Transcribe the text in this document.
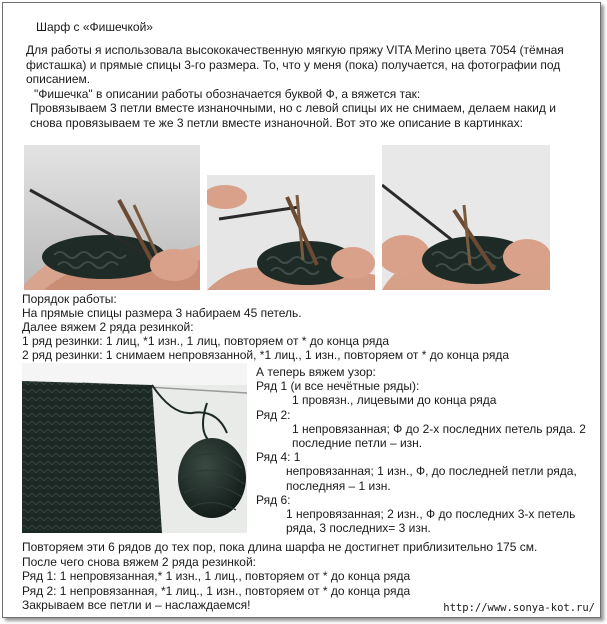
Шарф с «Фишечкой»

Для работы я использовала высококачественную мягкую пряжу VITA Merino цвета 7054 (тёмная фисташка) и прямые спицы 3-го размера. То, что у меня (пока) получается, на фотографии под описанием.

"Фишечка" в описании работы обозначается буквой Ф, а вяжется так:

Провязываем 3 петли вместе изнаночными, но с левой спицы их не снимаем, делаем накид и снова провязываем те же 3 петли вместе изнаночной. Вот это же описание в картинках:

Порядок работы:

На прямые спицы размера 3 набираем 45 петель.

Далее вяжем 2 ряда резинкой:

1 ряд резинки: 1 лиц, *1 изн., 1 лиц, повторяем от * до конца ряда

2 ряд резинки: 1 снимаем непровязанной, *1 лиц., 1 изн., повторяем от * до конца ряда

А теперь вяжем узор:

Ряд 1 (и все нечётные ряды):

1 провязн., лицевыми до конца ряда

Ряд 2:

1 непровязанная; Ф до 2-х последних петель ряда. 2 последние петли – изн.

Ряд 4: 1

непровязанная; 1 изн., Ф, до последней петли ряда, последняя – 1 изн.

Ряд 6:

1 непровязанная; 2 изн., Ф до последних 3-х петель ряда, 3 последних= 3 изн.

Повторяем эти 6 рядов до тех пор, пока длина шарфа не достигнет приблизительно 175 см.

После чего снова вяжем 2 ряда резинкой:

Ряд 1: 1 непровязанная,* 1 изн., 1 лиц., повторяем от * до конца ряда

Ряд 2: 1 непровязанная, *1 лиц., 1 изн., повторяем от * до конца ряда

Закрываем все петли и – наслаждаемся!	http://www.sonya-kot.ru/
